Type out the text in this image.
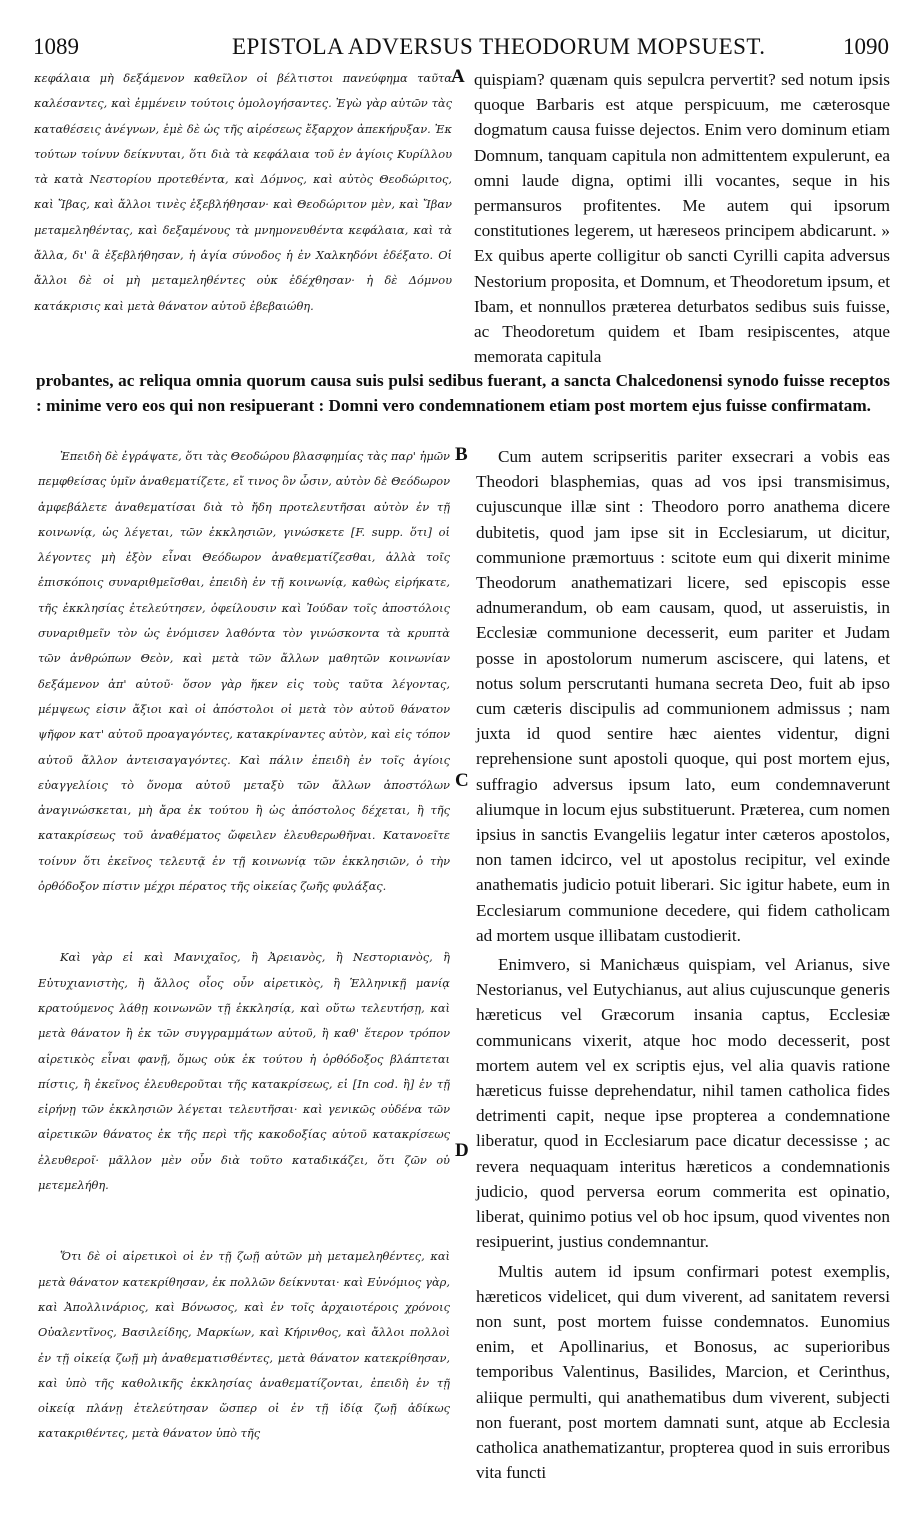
1089	EPISTOLA ADVERSUS THEODORUM MOPSUEST.	1090

κεφάλαια μὴ δεξάμενον καθεῖλον οἱ βέλτιστοι πανεύφημα ταῦτα καλέσαντες, καὶ ἐμμένειν τούτοις ὁμολογήσαντες. Ἐγὼ γὰρ αὐτῶν τὰς καταθέσεις ἀνέγνων, ἐμὲ δὲ ὡς τῆς αἱρέσεως ἔξαρχον ἀπεκήρυξαν. Ἐκ τούτων τοίνυν δείκνυται, ὅτι διὰ τὰ κεφάλαια τοῦ ἐν ἁγίοις Κυρίλλου τὰ κατὰ Νεστορίου προτεθέντα, καὶ Δόμνος, καὶ αὐτὸς Θεοδώριτος, καὶ Ἴβας, καὶ ἄλλοι τινὲς ἐξεβλήθησαν· καὶ Θεοδώριτον μὲν, καὶ Ἴβαν μεταμεληθέντας, καὶ δεξαμένους τὰ μνημονευθέντα κεφάλαια, καὶ τὰ ἄλλα, δι' ἃ ἐξεβλήθησαν, ἡ ἁγία σύνοδος ἡ ἐν Χαλκηδόνι ἐδέξατο. Οἱ ἄλλοι δὲ οἱ μὴ μεταμεληθέντες οὐκ ἐδέχθησαν· ἡ δὲ Δόμνου κατάκρισις καὶ μετὰ θάνατον αὐτοῦ ἐβεβαιώθη.

A quispiam? quænam quis sepulcra pervertit? sed notum ipsis quoque Barbaris est atque perspicuum, me cæterosque dogmatum causa fuisse dejectos. Enim vero dominum etiam Domnum, tanquam capitula non admittentem expulerunt, ea omni laude digna, optimi illi vocantes, seque in his permansuros profitentes. Me autem qui ipsorum constitutiones legerem, ut hæreseos principem abdicarunt. » Ex quibus aperte colligitur ob sancti Cyrilli capita adversus Nestorium proposita, et Domnum, et Theodoretum ipsum, et Ibam, et nonnullos præterea deturbatos sedibus suis fuisse, ac Theodoretum quidem et Ibam resipiscentes, atque memorata capitula

probantes, ac reliqua omnia quorum causa suis pulsi sedibus fuerant, a sancta Chalcedonensi synodo fuisse receptos : minime vero eos qui non resipuerant : Domni vero condemnationem etiam post mortem ejus fuisse confirmatam.

Ἐπειδὴ δὲ ἐγράψατε, ὅτι τὰς Θεοδώρου βλασφημίας τὰς παρ' ἡμῶν πεμφθείσας ὑμῖν ἀναθεματίζετε, εἴ τινος ὂν ὦσιν, αὐτὸν δὲ Θεόδωρον ἀμφεβάλετε ἀναθεματίσαι διὰ τὸ ἤδη προτελευτῆσαι αὐτὸν ἐν τῇ κοινωνίᾳ, ὡς λέγεται, τῶν ἐκκλησιῶν, γινώσκετε [F. supp. ὅτι] οἱ λέγοντες μὴ ἐξὸν εἶναι Θεόδωρον ἀναθεματίζεσθαι, ἀλλὰ τοῖς ἐπισκόποις συναριθμεῖσθαι, ἐπειδὴ ἐν τῇ κοινωνίᾳ, καθὼς εἰρήκατε, τῆς ἐκκλησίας ἐτελεύτησεν, ὀφείλουσιν καὶ Ἰούδαν τοῖς ἀποστόλοις συναριθμεῖν τὸν ὡς ἐνόμισεν λαθόντα τὸν γινώσκοντα τὰ κρυπτὰ τῶν ἀνθρώπων Θεὸν, καὶ μετὰ τῶν ἄλλων μαθητῶν κοινωνίαν δεξάμενον ἀπ' αὐτοῦ· ὅσον γὰρ ἥκεν εἰς τοὺς ταῦτα λέγοντας, μέμψεως εἰσιν ἄξιοι καὶ οἱ ἀπόστολοι οἱ μετὰ τὸν αὐτοῦ θάνατον ψῆφον κατ' αὐτοῦ προαγαγόντες, κατακρίναντες αὐτὸν, καὶ εἰς τόπον αὐτοῦ ἄλλον ἀντεισαγαγόντες. Καὶ πάλιν ἐπειδὴ ἐν τοῖς ἁγίοις εὐαγγελίοις τὸ ὄνομα αὐτοῦ μεταξὺ τῶν ἄλλων ἀποστόλων ἀναγινώσκεται, μὴ ἄρα ἐκ τούτου ἢ ὡς ἀπόστολος δέχεται, ἢ τῆς κατακρίσεως τοῦ ἀναθέματος ὤφειλεν ἐλευθερωθῆναι. Κατανοεῖτε τοίνυν ὅτι ἐκεῖνος τελευτᾷ ἐν τῇ κοινωνίᾳ τῶν ἐκκλησιῶν, ὁ τὴν ὀρθόδοξον πίστιν μέχρι πέρατος τῆς οἰκείας ζωῆς φυλάξας.

Καὶ γὰρ εἰ καὶ Μανιχαῖος, ἢ Ἀρειανὸς, ἢ Νεστοριανὸς, ἢ Εὐτυχιανιστὴς, ἢ ἄλλος οἷος οὖν αἱρετικὸς, ἢ Ἑλληνικῇ μανίᾳ κρατούμενος λάθῃ κοινωνῶν τῇ ἐκκλησίᾳ, καὶ οὕτω τελευτήσῃ, καὶ μετὰ θάνατον ἢ ἐκ τῶν συγγραμμάτων αὐτοῦ, ἢ καθ' ἕτερον τρόπον αἱρετικὸς εἶναι φανῇ, ὅμως οὐκ ἐκ τούτου ἡ ὀρθόδοξος βλάπτεται πίστις, ἢ ἐκεῖνος ἐλευθεροῦται τῆς κατακρίσεως, εἰ [In cod. ἢ] ἐν τῇ εἰρήνῃ τῶν ἐκκλησιῶν λέγεται τελευτῆσαι· καὶ γενικῶς οὐδένα τῶν αἱρετικῶν θάνατος ἐκ τῆς περὶ τῆς κακοδοξίας αὐτοῦ κατακρίσεως ἐλευθεροῖ· μᾶλλον μὲν οὖν διὰ τοῦτο καταδικάζει, ὅτι ζῶν οὐ μετεμελήθη.

Ὅτι δὲ οἱ αἱρετικοὶ οἱ ἐν τῇ ζωῇ αὐτῶν μὴ μεταμεληθέντες, καὶ μετὰ θάνατον κατεκρίθησαν, ἐκ πολλῶν δείκνυται· καὶ Εὐνόμιος γὰρ, καὶ Ἀπολλινάριος, καὶ Βόνωσος, καὶ ἐν τοῖς ἀρχαιοτέροις χρόνοις Οὐαλεντῖνος, Βασιλείδης, Μαρκίων, καὶ Κήρινθος, καὶ ἄλλοι πολλοὶ ἐν τῇ οἰκείᾳ ζωῇ μὴ ἀναθεματισθέντες, μετὰ θάνατον κατεκρίθησαν, καὶ ὑπὸ τῆς καθολικῆς ἐκκλησίας ἀναθεματίζονται, ἐπειδὴ ἐν τῇ οἰκείᾳ πλάνῃ ἐτελεύτησαν ὥσπερ οἱ ἐν τῇ ἰδίᾳ ζωῇ ἀδίκως κατακριθέντες, μετὰ θάνατον ὑπὸ τῆς

B
C
D

Cum autem scripseritis pariter exsecrari a vobis eas Theodori blasphemias, quas ad vos ipsi transmisimus, cujuscunque illæ sint : Theodoro porro anathema dicere dubitetis, quod jam ipse sit in Ecclesiarum, ut dicitur, communione præmortuus : scitote eum qui dixerit minime Theodorum anathematizari licere, sed episcopis esse adnumerandum, ob eam causam, quod, ut asseruistis, in Ecclesiæ communione decesserit, eum pariter et Judam posse in apostolorum numerum asciscere, qui latens, et notus solum perscrutanti humana secreta Deo, fuit ab ipso cum cæteris discipulis ad communionem admissus ; nam juxta id quod sentire hæc aientes videntur, digni reprehensione sunt apostoli quoque, qui post mortem ejus, suffragio adversus ipsum lato, eum condemnaverunt aliumque in locum ejus substituerunt. Præterea, cum nomen ipsius in sanctis Evangeliis legatur inter cæteros apostolos, non tamen idcirco, vel ut apostolus recipitur, vel exinde anathematis judicio potuit liberari. Sic igitur habete, eum in Ecclesiarum communione decedere, qui fidem catholicam ad mortem usque illibatam custodierit.

Enimvero, si Manichæus quispiam, vel Arianus, sive Nestorianus, vel Eutychianus, aut alius cujuscunque generis hæreticus vel Græcorum insania captus, Ecclesiæ communicans vixerit, atque hoc modo decesserit, post mortem autem vel ex scriptis ejus, vel alia quavis ratione hæreticus fuisse deprehendatur, nihil tamen catholica fides detrimenti capit, neque ipse propterea a condemnatione liberatur, quod in Ecclesiarum pace dicatur decessisse ; ac revera nequaquam interitus hæreticos a condemnationis judicio, quod perversa eorum commerita est opinatio, liberat, quinimo potius vel ob hoc ipsum, quod viventes non resipuerint, justius condemnantur.

Multis autem id ipsum confirmari potest exemplis, hæreticos videlicet, qui dum viverent, ad sanitatem reversi non sunt, post mortem fuisse condemnatos. Eunomius enim, et Apollinarius, et Bonosus, ac superioribus temporibus Valentinus, Basilides, Marcion, et Cerinthus, aliique permulti, qui anathematibus dum viverent, subjecti non fuerant, post mortem damnati sunt, atque ab Ecclesia catholica anathematizantur, propterea quod in suis erroribus vita functi
